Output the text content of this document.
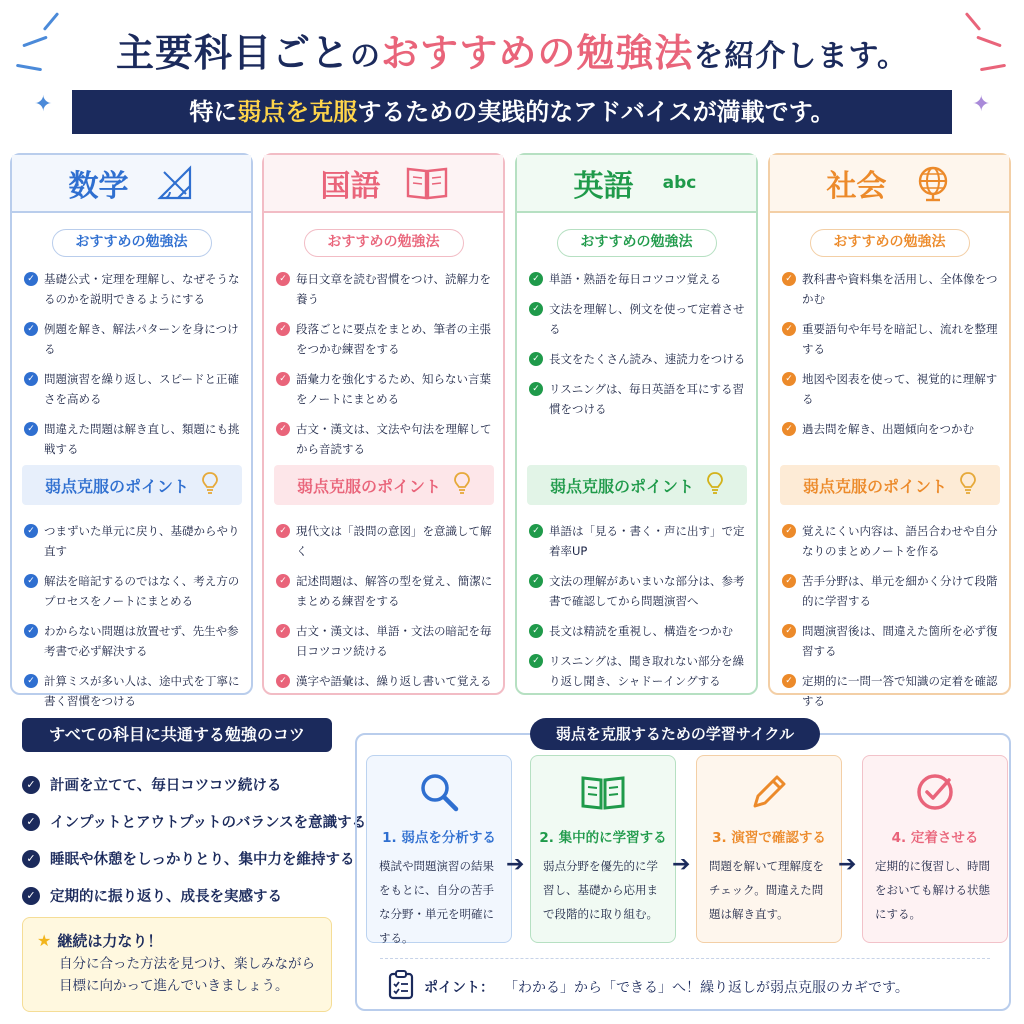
✦	✦
主要科目ごとのおすすめの勉強法を紹介します。
特に弱点を克服するための実践的なアドバイスが満載です。
数学
おすすめの勉強法
✓ 基礎公式・定理を理解し、なぜそうなるのかを説明できるようにする
✓ 例題を解き、解法パターンを身につける
✓ 問題演習を繰り返し、スピードと正確さを高める
✓ 間違えた問題は解き直し、類題にも挑戦する
弱点克服のポイント
✓ つまずいた単元に戻り、基礎からやり直す
✓ 解法を暗記するのではなく、考え方のプロセスをノートにまとめる
✓ わからない問題は放置せず、先生や参考書で必ず解決する
✓ 計算ミスが多い人は、途中式を丁寧に書く習慣をつける
国語
おすすめの勉強法
✓ 毎日文章を読む習慣をつけ、読解力を養う
✓ 段落ごとに要点をまとめ、筆者の主張をつかむ練習をする
✓ 語彙力を強化するため、知らない言葉をノートにまとめる
✓ 古文・漢文は、文法や句法を理解してから音読する
弱点克服のポイント
✓ 現代文は「設問の意図」を意識して解く
✓ 記述問題は、解答の型を覚え、簡潔にまとめる練習をする
✓ 古文・漢文は、単語・文法の暗記を毎日コツコツ続ける
✓ 漢字や語彙は、繰り返し書いて覚える
英語 abc
おすすめの勉強法
✓ 単語・熟語を毎日コツコツ覚える
✓ 文法を理解し、例文を使って定着させる
✓ 長文をたくさん読み、速読力をつける
✓ リスニングは、毎日英語を耳にする習慣をつける
弱点克服のポイント
✓ 単語は「見る・書く・声に出す」で定着率UP
✓ 文法の理解があいまいな部分は、参考書で確認してから問題演習へ
✓ 長文は精読を重視し、構造をつかむ
✓ リスニングは、聞き取れない部分を繰り返し聞き、シャドーイングする
社会
おすすめの勉強法
✓ 教科書や資料集を活用し、全体像をつかむ
✓ 重要語句や年号を暗記し、流れを整理する
✓ 地図や図表を使って、視覚的に理解する
✓ 過去問を解き、出題傾向をつかむ
弱点克服のポイント
✓ 覚えにくい内容は、語呂合わせや自分なりのまとめノートを作る
✓ 苦手分野は、単元を細かく分けて段階的に学習する
✓ 問題演習後は、間違えた箇所を必ず復習する
✓ 定期的に一問一答で知識の定着を確認する
すべての科目に共通する勉強のコツ
✓ 計画を立てて、毎日コツコツ続ける
✓ インプットとアウトプットのバランスを意識する
✓ 睡眠や休憩をしっかりとり、集中力を維持する
✓ 定期的に振り返り、成長を実感する
★ 継続は力なり！
自分に合った方法を見つけ、楽しみながら目標に向かって進んでいきましょう。
弱点を克服するための学習サイクル
1. 弱点を分析する
模試や問題演習の結果をもとに、自分の苦手な分野・単元を明確にする。
➔
2. 集中的に学習する
弱点分野を優先的に学習し、基礎から応用まで段階的に取り組む。
➔
3. 演習で確認する
問題を解いて理解度をチェック。間違えた問題は解き直す。
➔
4. 定着させる
定期的に復習し、時間をおいても解ける状態にする。
ポイント： 「わかる」から「できる」へ！繰り返しが弱点克服のカギです。
